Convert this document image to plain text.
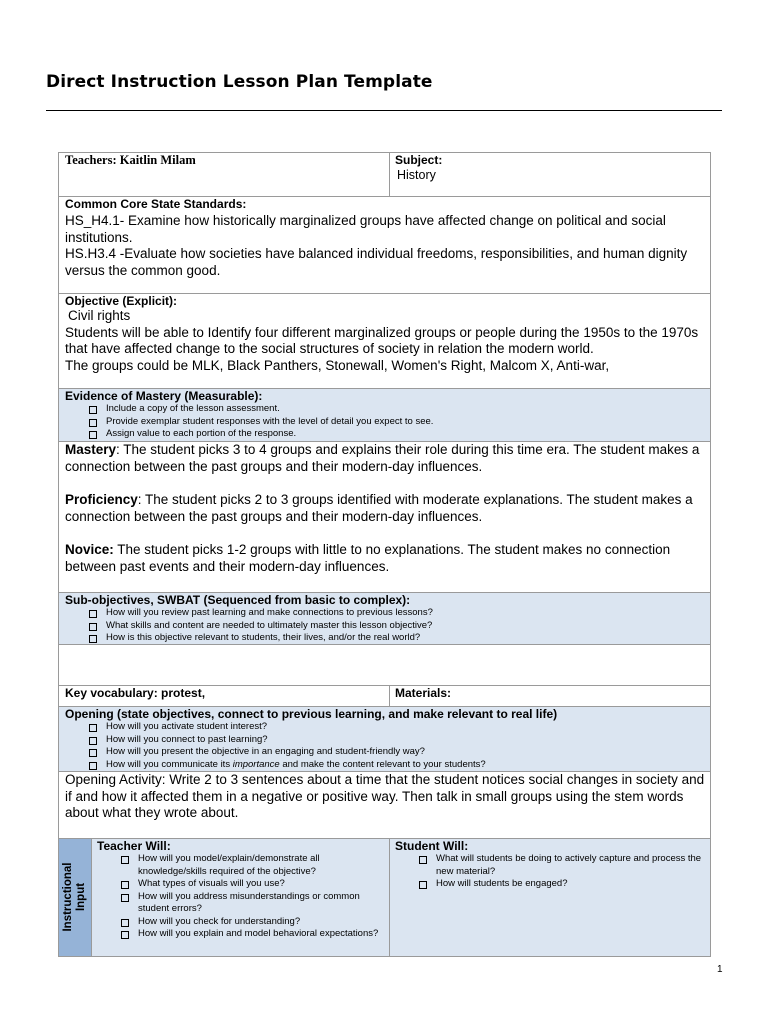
Direct Instruction Lesson Plan Template
Teachers: Kaitlin Milam	Subject:
History
Common Core State Standards:

HS_H4.1- Examine how historically marginalized groups have affected change on political and social institutions.

HS.H3.4 -Evaluate how societies have balanced individual freedoms, responsibilities, and human dignity versus the common good.

Objective (Explicit):

Civil rights

Students will be able to Identify four different marginalized groups or people during the 1950s to the 1970s that have affected change to the social structures of society in relation the modern world.

The groups could be MLK, Black Panthers, Stonewall, Women's Right, Malcom X, Anti-war,

Evidence of Mastery (Measurable):
Include a copy of the lesson assessment.
Provide exemplar student responses with the level of detail you expect to see.
Assign value to each portion of the response.

Mastery: The student picks 3 to 4 groups and explains their role during this time era. The student makes a connection between the past groups and their modern-day influences.

Proficiency: The student picks 2 to 3 groups identified with moderate explanations. The student makes a connection between the past groups and their modern-day influences.

Novice: The student picks 1-2 groups with little to no explanations. The student makes no connection between past events and their modern-day influences.

Sub-objectives, SWBAT (Sequenced from basic to complex):
How will you review past learning and make connections to previous lessons?
What skills and content are needed to ultimately master this lesson objective?
How is this objective relevant to students, their lives, and/or the real world?
Key vocabulary: protest,	Materials:
Opening (state objectives, connect to previous learning, and make relevant to real life)
How will you activate student interest?
How will you connect to past learning?
How will you present the objective in an engaging and student-friendly way?
How will you communicate its importance and make the content relevant to your students?

Opening Activity: Write 2 to 3 sentences about a time that the student notices social changes in society and if and how it affected them in a negative or positive way. Then talk in small groups using the stem words about what they wrote about.

Instructional Input
Teacher Will:
How will you model/explain/demonstrate all knowledge/skills required of the objective?
What types of visuals will you use?
How will you address misunderstandings or common student errors?
How will you check for understanding?
How will you explain and model behavioral expectations?
Student Will:
What will students be doing to actively capture and process the new material?
How will students be engaged?
1
